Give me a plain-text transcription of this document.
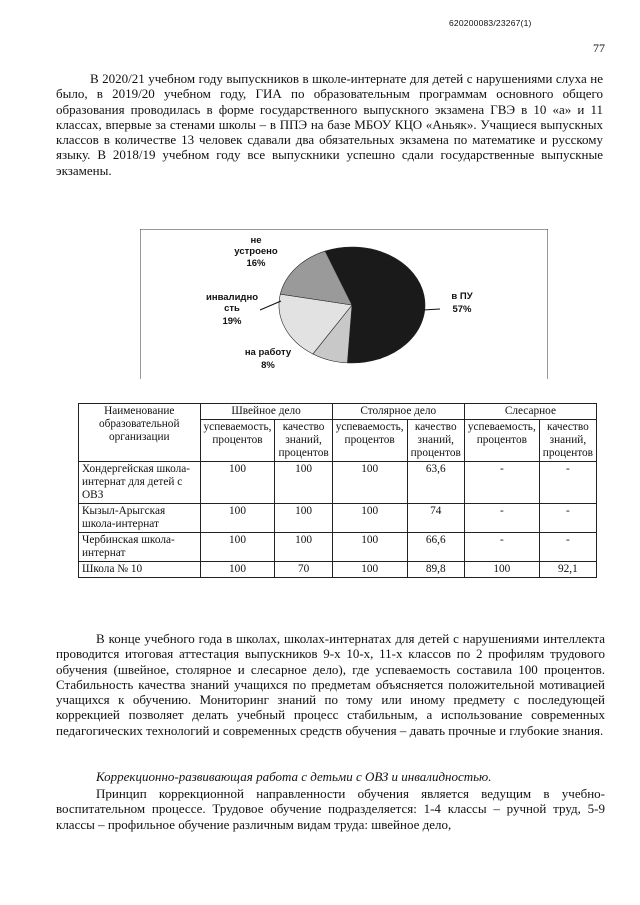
620200083/23267(1)
77
В 2020/21 учебном году выпускников в школе-интернате для детей с нарушениями слуха не было, в 2019/20 учебном году, ГИА по образовательным программам основного общего образования проводилась в форме государственного выпускного экзамена ГВЭ в 10 «а» и 11 классах, впервые за стенами школы – в ППЭ на базе МБОУ КЦО «Аньяк». Учащиеся выпускных классов в количестве 13 человек сдавали два обязательных экзамена по математике и русскому языку. В 2018/19 учебном году все выпускники успешно сдали государственные выпускные экзамены.
не
устроено
16%
инвалидно
сть
19%
в ПУ
57%
на работу
8%
Наименование образовательной организации	Швейное дело		Столярное дело		Слесарное	
	успеваемость, процентов	качество знаний, процентов	успеваемость, процентов	качество знаний, процентов	успеваемость, процентов	качество знаний, процентов
Хондергейская школа-интернат для детей с ОВЗ	100	100	100	63,6	-	-
Кызыл-Арыгская школа-интернат	100	100	100	74	-	-
Чербинская школа-интернат	100	100	100	66,6	-	-
Школа № 10	100	70	100	89,8	100	92,1
В конце учебного года в школах, школах-интернатах для детей с нарушениями интеллекта проводится итоговая аттестация выпускников 9-х 10-х, 11-х классов по 2 профилям трудового обучения (швейное, столярное и слесарное дело), где успеваемость составила 100 процентов. Стабильность качества знаний учащихся по предметам объясняется положительной мотивацией учащихся к обучению. Мониторинг знаний по тому или иному предмету с последующей коррекцией позволяет делать учебный процесс стабильным, а использование современных педагогических технологий и современных средств обучения – давать прочные и глубокие знания.
Коррекционно-развивающая работа с детьми с ОВЗ и инвалидностью.
Принцип коррекционной направленности обучения является ведущим в учебно-воспитательном процессе. Трудовое обучение подразделяется: 1-4 классы – ручной труд, 5-9 классы – профильное обучение различным видам труда: швейное дело,
